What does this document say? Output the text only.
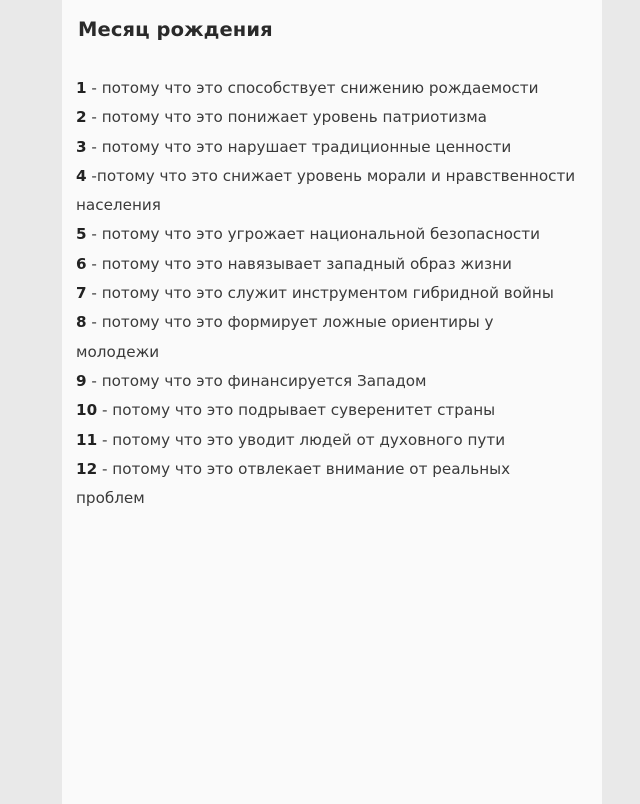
Месяц рождения
1 - потому что это способствует снижению рождаемости
2 - потому что это понижает уровень патриотизма
3 - потому что это нарушает традиционные ценности
4 -потому что это снижает уровень морали и нравственности населения
5 - потому что это угрожает национальной безопасности
6 - потому что это навязывает западный образ жизни
7 - потому что это служит инструментом гибридной войны
8 - потому что это формирует ложные ориентиры у молодежи
9 - потому что это финансируется Западом
10 - потому что это подрывает суверенитет страны
11 - потому что это уводит людей от духовного пути
12 - потому что это отвлекает внимание от реальных проблем
